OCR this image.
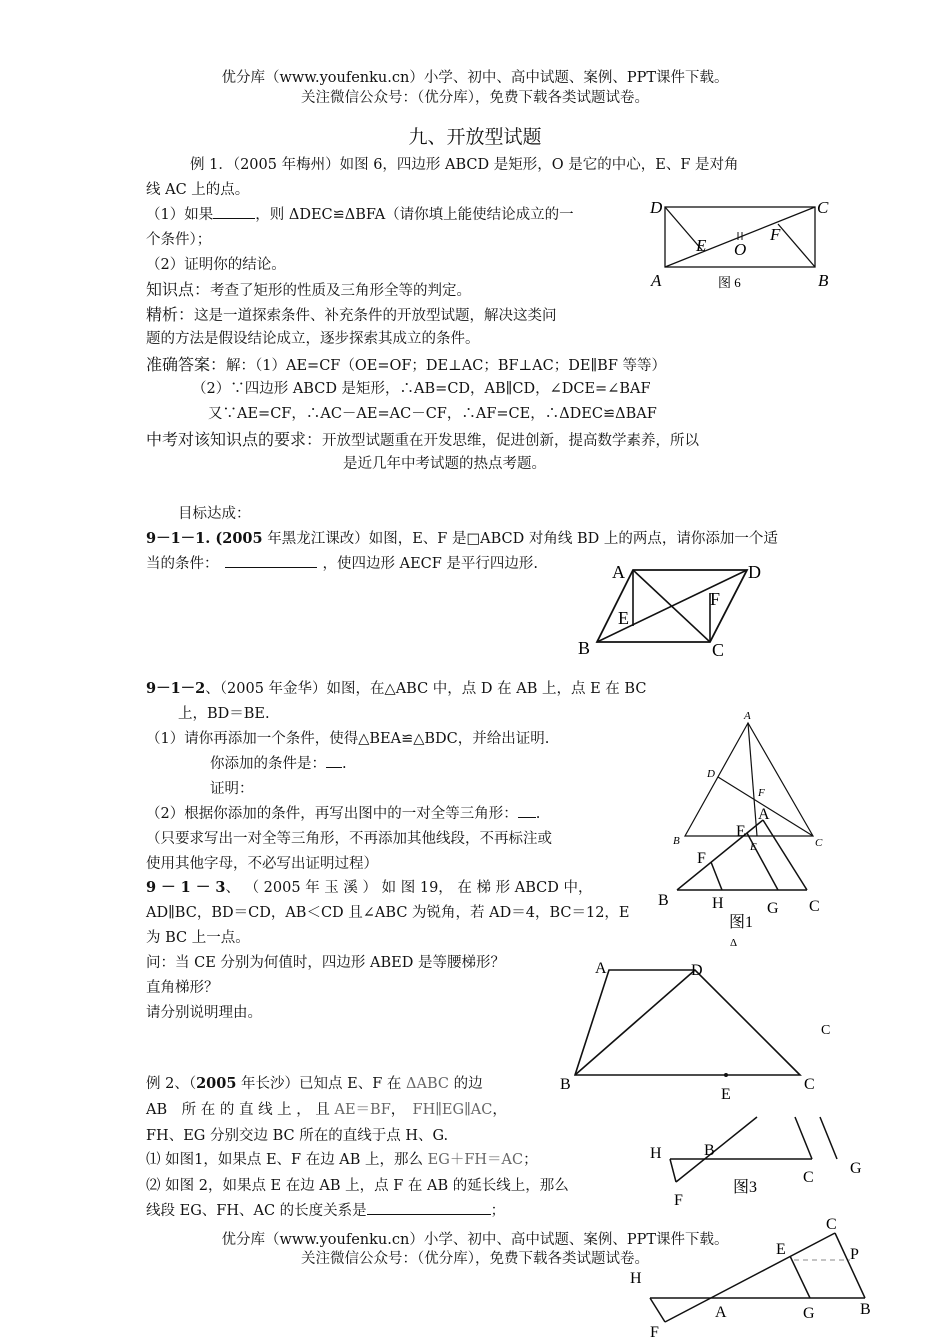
优分库（www.youfenku.cn）小学、初中、高中试题、案例、PPT课件下载。
关注微信公众号：（优分库），免费下载各类试题试卷。
九、开放型试题
例 1．（2005 年梅州）如图 6，四边形 ABCD 是矩形，O 是它的中心，E、F 是对角
线 AC 上的点。
（1）如果	，则 ΔDEC≌ΔBFA（请你填上能使结论成立的一
个条件）；
（2）证明你的结论。
知识点：考查了矩形的性质及三角形全等的判定。
精析：这是一道探索条件、补充条件的开放型试题，解决这类问
题的方法是假设结论成立，逐步探索其成立的条件。
准确答案：解：（1）AE=CF（OE=OF；DE⊥AC；BF⊥AC；DE∥BF 等等）
（2）∵四边形 ABCD 是矩形，∴AB=CD，AB∥CD，∠DCE=∠BAF
又∵AE=CF，∴AC－AE=AC－CF，∴AF=CE，∴ΔDEC≌ΔBAF
中考对该知识点的要求：开放型试题重在开发思维，促进创新，提高数学素养，所以
是近几年中考试题的热点考题。
D	C
A	B
E
F
O
图 6
目标达成：
9－1－1. (2005 年黑龙江课改）如图，E、F 是□ABCD 对角线 BD 上的两点，请你添加一个适
当的条件：	，使四边形 AECF 是平行四边形.	A	D
B	C
E
F
9－1－2、（2005 年金华）如图，在△ABC 中，点 D 在 AB 上，点 E 在 BC
上，BD＝BE.
（1）请你再添加一个条件，使得△BEA≌△BDC，并给出证明.
你添加的条件是： .
证明：
（2）根据你添加的条件，再写出图中的一对全等三角形： .
（只要求写出一对全等三角形，不再添加其他线段，不再标注或
使用其他字母，不必写出证明过程）
A
D
F
B	C
E
A
E
F
B	H	G C
图1
Δ
9 － 1 － 3、 （ 2005 年 玉 溪 ） 如 图 19， 在 梯 形 ABCD 中，
AD∥BC，BD＝CD，AB＜CD 且∠ABC 为锐角，若 AD＝4，BC＝12，E
为 BC 上一点。
问：当 CE 分别为何值时，四边形 ABED 是等腰梯形？
直角梯形？
请分别说明理由。
A	D
B	C
E
C
例 2、（2005 年长沙）已知点 E、F 在 ΔABC 的边
AB　所 在 的 直 线 上 ， 且 AE＝BF，　FH∥EG∥AC，
FH、EG 分别交边 BC 所在的直线于点 H、G.
⑴ 如图1，如果点 E、F 在边 AB 上，那么 EG＋FH＝AC；
⑵ 如图 2，如果点 E 在边 AB 上，点 F 在 AB 的延长线上，那么
线段 EG、FH、AC 的长度关系是	；
H	B
C
G
F
图3
C
E	P
H
A	G	B
F
优分库（www.youfenku.cn）小学、初中、高中试题、案例、PPT课件下载。
关注微信公众号：（优分库），免费下载各类试题试卷。
